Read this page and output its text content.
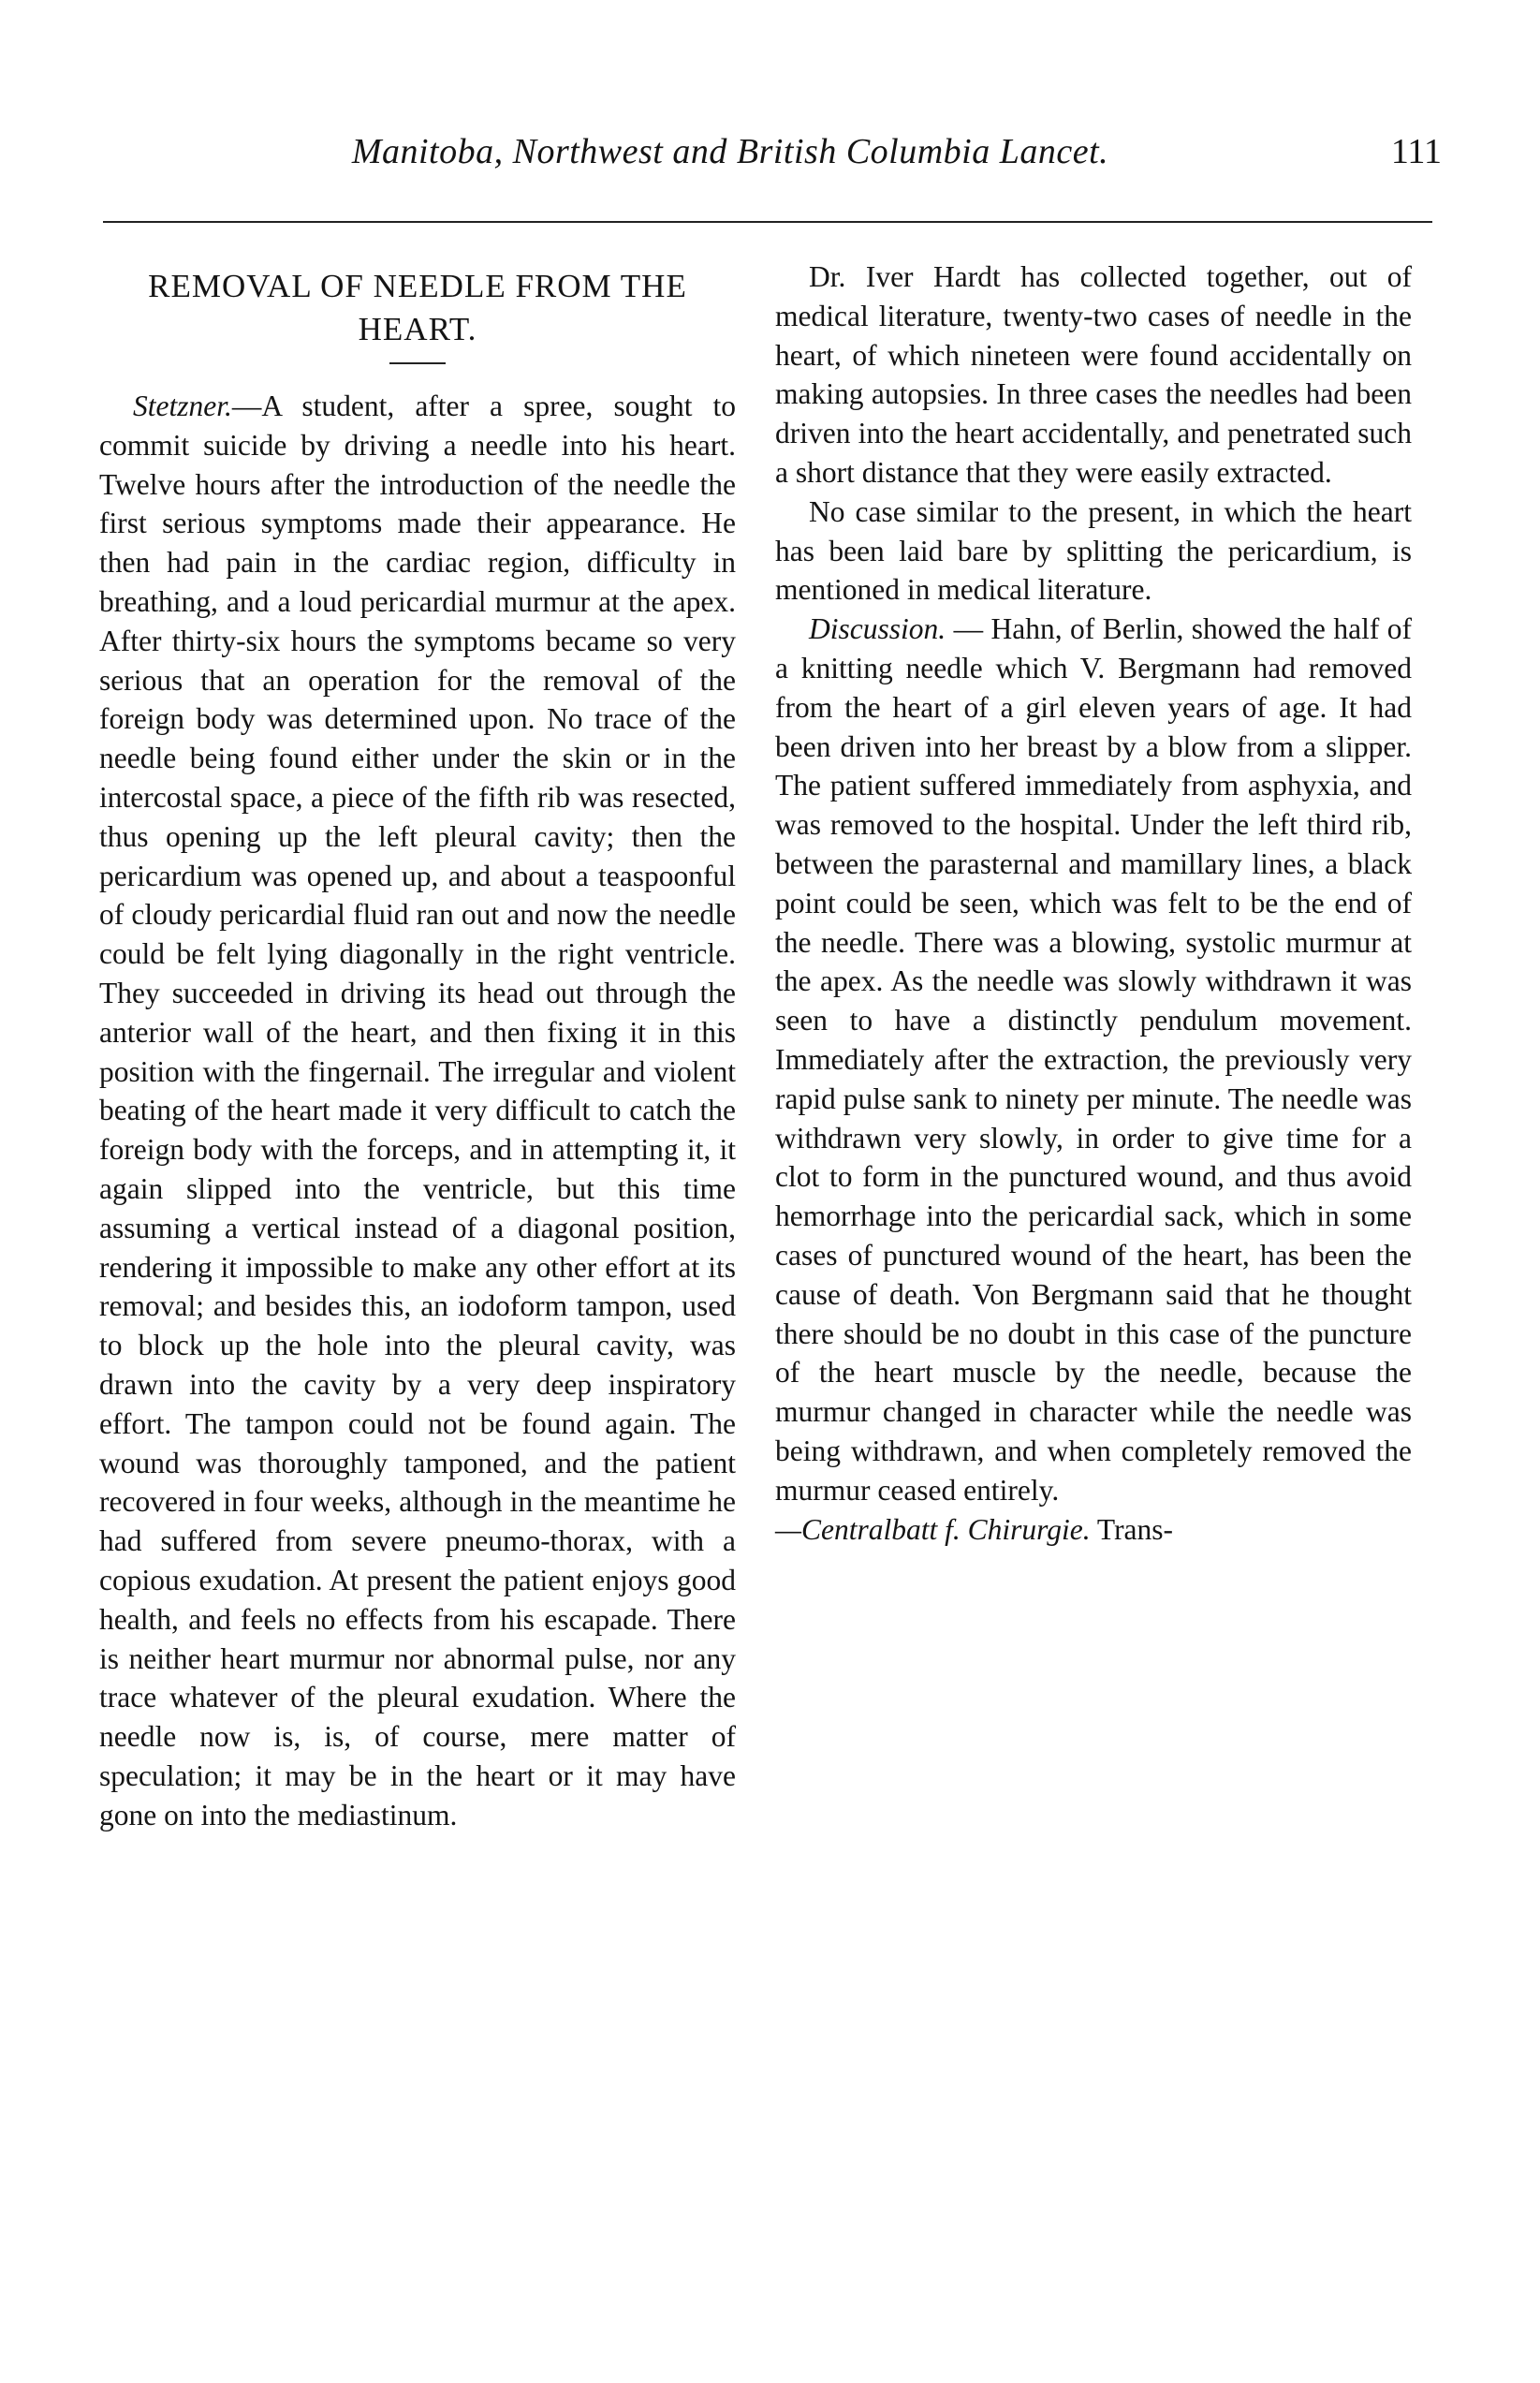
Manitoba, Northwest and British Columbia Lancet.	111
REMOVAL OF NEEDLE FROM THE HEART.

Stetzner.—A student, after a spree, sought to commit suicide by driving a needle into his heart. Twelve hours after the introduction of the needle the first serious symptoms made their appearance. He then had pain in the cardiac region, difficulty in breathing, and a loud pericardial murmur at the apex. After thirty-six hours the symptoms became so very serious that an operation for the removal of the foreign body was determined upon. No trace of the needle being found either under the skin or in the intercostal space, a piece of the fifth rib was resected, thus opening up the left pleural cavity; then the pericardium was opened up, and about a teaspoonful of cloudy pericardial fluid ran out and now the needle could be felt lying diagonally in the right ventricle. They succeeded in driving its head out through the anterior wall of the heart, and then fixing it in this position with the fingernail. The irregular and violent beating of the heart made it very difficult to catch the foreign body with the forceps, and in attempting it, it again slipped into the ventricle, but this time assuming a vertical instead of a diagonal position, rendering it impossible to make any other effort at its removal; and besides this, an iodoform tampon, used to block up the hole into the pleural cavity, was drawn into the cavity by a very deep inspiratory effort. The tampon could not be found again. The wound was thoroughly tamponed, and the patient recovered in four weeks, although in the meantime he had suffered from severe pneumo-thorax, with a copious exudation. At present the patient enjoys good health, and feels no effects from his escapade. There is neither heart murmur nor abnormal pulse, nor any trace whatever of the pleural exudation. Where the needle now is, is, of course, mere matter of speculation; it may be in the heart or it may have gone on into the mediastinum.

Dr. Iver Hardt has collected together, out of medical literature, twenty-two cases of needle in the heart, of which nineteen were found accidentally on making autopsies. In three cases the needles had been driven into the heart accidentally, and penetrated such a short distance that they were easily extracted.

No case similar to the present, in which the heart has been laid bare by splitting the pericardium, is mentioned in medical literature.

Discussion. — Hahn, of Berlin, showed the half of a knitting needle which V. Bergmann had removed from the heart of a girl eleven years of age. It had been driven into her breast by a blow from a slipper. The patient suffered immediately from asphyxia, and was removed to the hospital. Under the left third rib, between the parasternal and mamillary lines, a black point could be seen, which was felt to be the end of the needle. There was a blowing, systolic murmur at the apex. As the needle was slowly withdrawn it was seen to have a distinctly pendulum movement. Immediately after the extraction, the previously very rapid pulse sank to ninety per minute. The needle was withdrawn very slowly, in order to give time for a clot to form in the punctured wound, and thus avoid hemorrhage into the pericardial sack, which in some cases of punctured wound of the heart, has been the cause of death. Von Bergmann said that he thought there should be no doubt in this case of the puncture of the heart muscle by the needle, because the murmur changed in character while the needle was being withdrawn, and when completely removed the murmur ceased entirely.

—Centralbatt f. Chirurgie. Trans-
